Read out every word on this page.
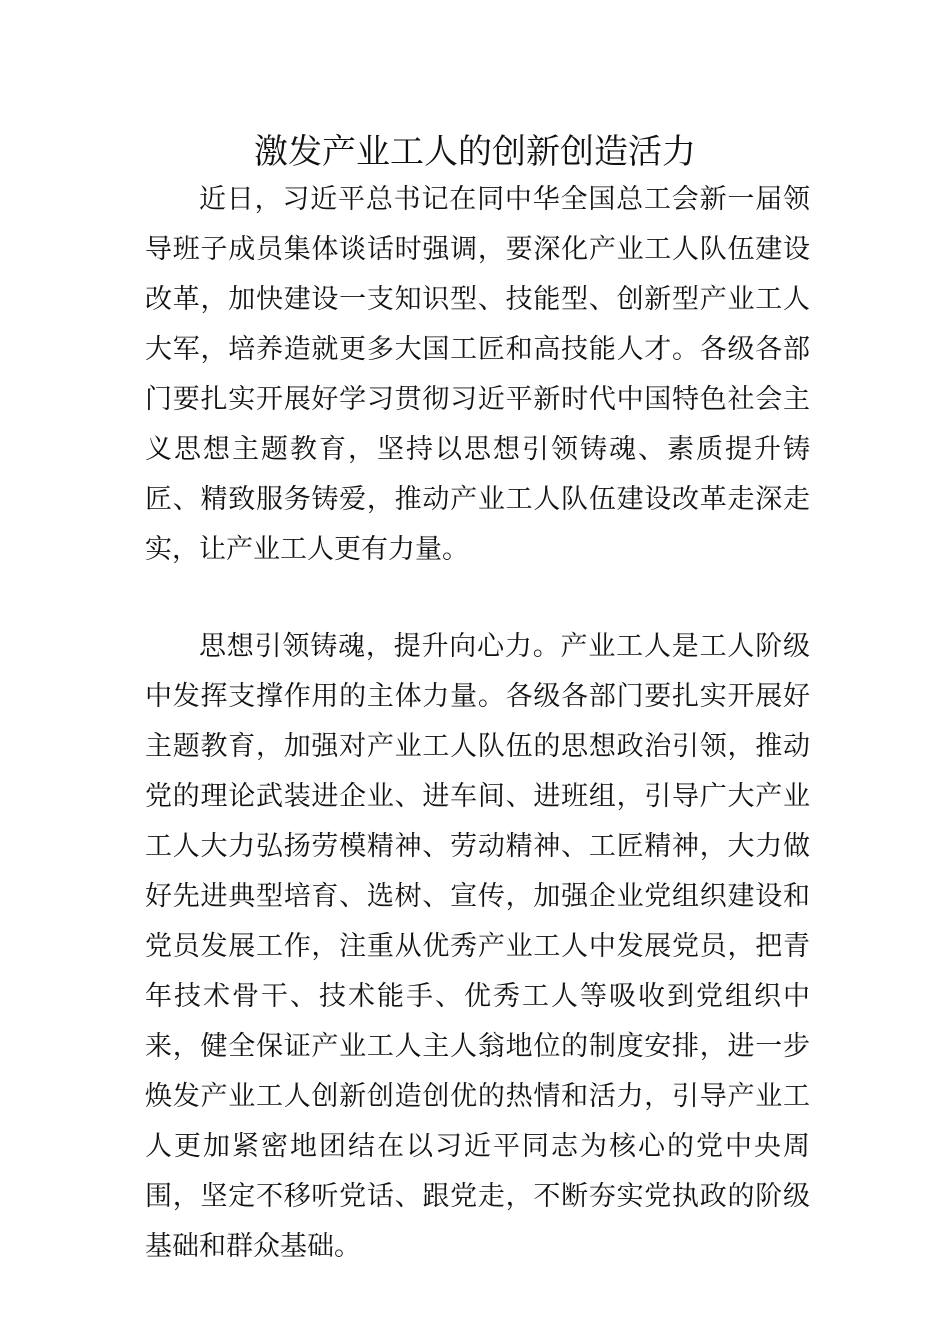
激发产业工人的创新创造活力

近日，习近平总书记在同中华全国总工会新一届领导班子成员集体谈话时强调，要深化产业工人队伍建设改革，加快建设一支知识型、技能型、创新型产业工人大军，培养造就更多大国工匠和高技能人才。各级各部门要扎实开展好学习贯彻习近平新时代中国特色社会主义思想主题教育，坚持以思想引领铸魂、素质提升铸匠、精致服务铸爱，推动产业工人队伍建设改革走深走实，让产业工人更有力量。

思想引领铸魂，提升向心力。产业工人是工人阶级中发挥支撑作用的主体力量。各级各部门要扎实开展好主题教育，加强对产业工人队伍的思想政治引领，推动党的理论武装进企业、进车间、进班组，引导广大产业工人大力弘扬劳模精神、劳动精神、工匠精神，大力做好先进典型培育、选树、宣传，加强企业党组织建设和党员发展工作，注重从优秀产业工人中发展党员，把青年技术骨干、技术能手、优秀工人等吸收到党组织中来，健全保证产业工人主人翁地位的制度安排，进一步焕发产业工人创新创造创优的热情和活力，引导产业工人更加紧密地团结在以习近平同志为核心的党中央周围，坚定不移听党话、跟党走，不断夯实党执政的阶级基础和群众基础。
